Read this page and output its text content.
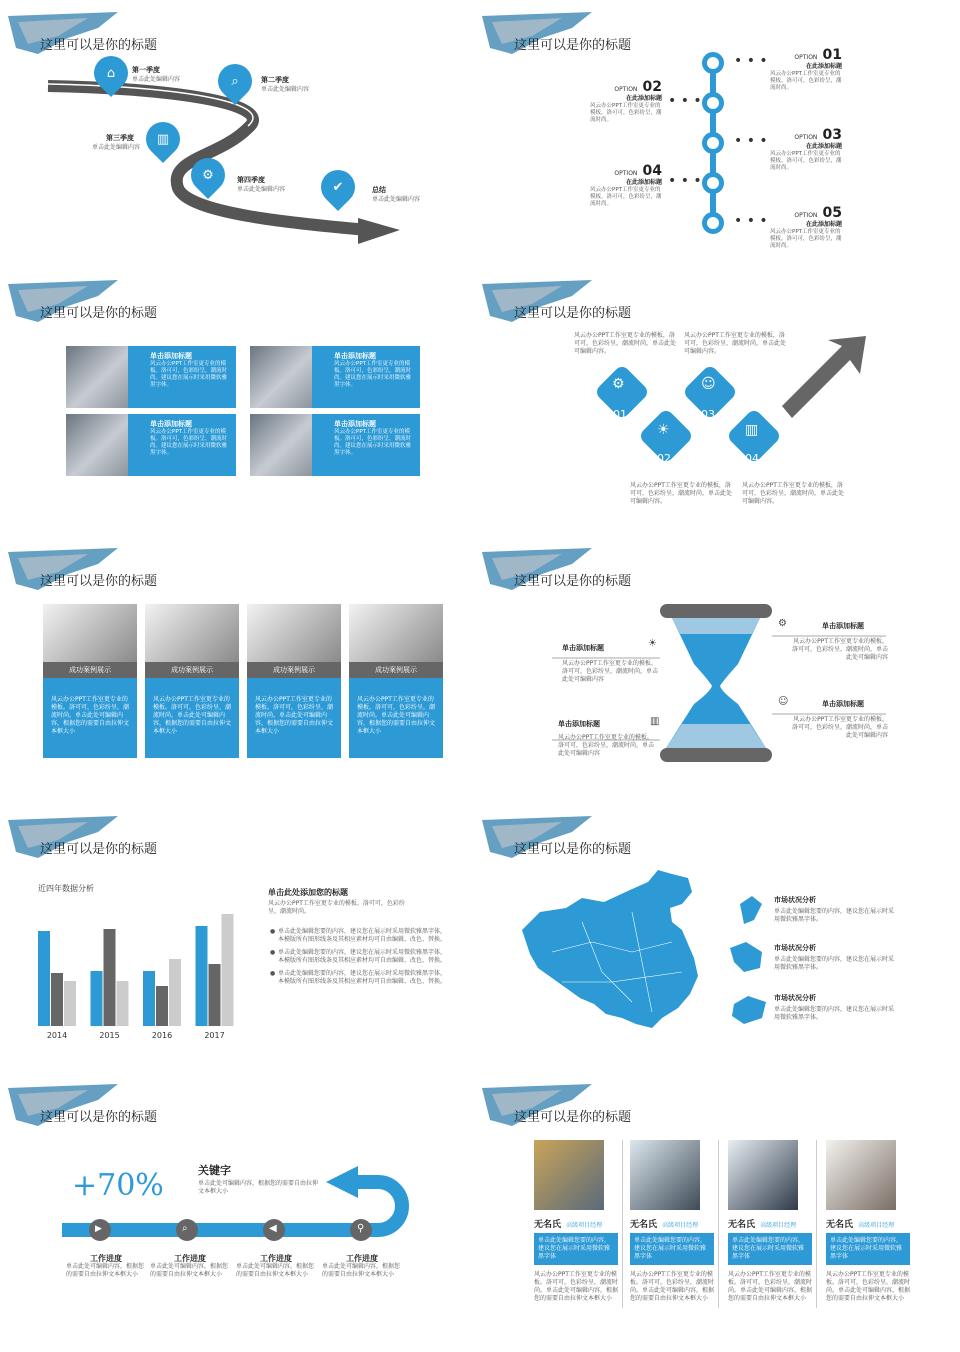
这里可以是你的标题
⌂	第一季度
单击此处编辑内容	⌕	第二季度
单击此处编辑内容
▥
第三季度
单击此处编辑内容
⚙	第四季度
单击此处编辑内容	✔	总结
单击此处编辑内容
这里可以是你的标题
• • •
• • •
• • •
• • •
• • •
OPTION 01
在此添加标题
风云办公PPT工作室更专业的模板。洛可可，色彩纷呈，潮流时尚。
OPTION 02
在此添加标题
风云办公PPT工作室更专业的模板。洛可可，色彩纷呈，潮流时尚。
OPTION 03
在此添加标题
风云办公PPT工作室更专业的模板。洛可可，色彩纷呈，潮流时尚。
OPTION 04
在此添加标题
风云办公PPT工作室更专业的模板。洛可可，色彩纷呈，潮流时尚。
OPTION 05
在此添加标题
风云办公PPT工作室更专业的模板。洛可可，色彩纷呈，潮流时尚。
这里可以是你的标题
单击添加标题
风云办公PPT工作室更专业的模板。洛可可，色彩纷呈，潮流时尚。建议您在展示时采用微软雅黑字体。
单击添加标题
风云办公PPT工作室更专业的模板。洛可可，色彩纷呈，潮流时尚。建议您在展示时采用微软雅黑字体。
单击添加标题
风云办公PPT工作室更专业的模板。洛可可，色彩纷呈，潮流时尚。建议您在展示时采用微软雅黑字体。
单击添加标题
风云办公PPT工作室更专业的模板。洛可可，色彩纷呈，潮流时尚。建议您在展示时采用微软雅黑字体。
这里可以是你的标题
风云办公PPT工作室更专业的模板，洛可可，色彩纷呈，潮流时尚，单击此处可编辑内容。
风云办公PPT工作室更专业的模板，洛可可，色彩纷呈，潮流时尚，单击此处可编辑内容。
01
02
03
04
⚙
☀
☺
▥
风云办公PPT工作室更专业的模板，洛可可，色彩纷呈，潮流时尚，单击此处可编辑内容。
风云办公PPT工作室更专业的模板，洛可可，色彩纷呈，潮流时尚，单击此处可编辑内容。
这里可以是你的标题
成功案例展示
风云办公PPT工作室更专业的模板。洛可可，色彩纷呈，潮流时尚。单击此处可编辑内容，根据您的需要自由拉伸文本框大小
成功案例展示
风云办公PPT工作室更专业的模板。洛可可，色彩纷呈，潮流时尚。单击此处可编辑内容，根据您的需要自由拉伸文本框大小
成功案例展示
风云办公PPT工作室更专业的模板。洛可可，色彩纷呈，潮流时尚。单击此处可编辑内容，根据您的需要自由拉伸文本框大小
成功案例展示
风云办公PPT工作室更专业的模板。洛可可，色彩纷呈，潮流时尚。单击此处可编辑内容，根据您的需要自由拉伸文本框大小
这里可以是你的标题
单击添加标题
风云办公PPT工作室更专业的模板。洛可可，色彩纷呈，潮流时尚，单击此处可编辑内容
☀
单击添加标题
风云办公PPT工作室更专业的模板。洛可可，色彩纷呈，潮流时尚，单击此处可编辑内容
▥
单击添加标题
风云办公PPT工作室更专业的模板。洛可可，色彩纷呈，潮流时尚，单击此处可编辑内容
⚙
单击添加标题
风云办公PPT工作室更专业的模板。洛可可，色彩纷呈，潮流时尚，单击此处可编辑内容
☺
这里可以是你的标题
近四年数据分析
2014	2015	2016	2017
单击此处添加您的标题
风云办公PPT工作室更专业的模板。洛可可，色彩纷呈，潮流时尚。
● 单击此处编辑您要的内容，建议您在展示时采用微软雅黑字体，本模版所有图形线条及其相应素材均可自由编辑、改色、替换。
● 单击此处编辑您要的内容，建议您在展示时采用微软雅黑字体，本模版所有图形线条及其相应素材均可自由编辑、改色、替换。
● 单击此处编辑您要的内容，建议您在展示时采用微软雅黑字体，本模版所有图形线条及其相应素材均可自由编辑、改色、替换。
这里可以是你的标题
市场状况分析
单击此处编辑您要的内容，建议您在展示时采用微软雅黑字体。
市场状况分析
单击此处编辑您要的内容，建议您在展示时采用微软雅黑字体。
市场状况分析
单击此处编辑您要的内容，建议您在展示时采用微软雅黑字体。
这里可以是你的标题
+70%	关键字
单击此处可编辑内容，根据您的需要自由拉伸文本框大小
▶	⌕	◀	⚲
工作进度
单击此处可编辑内容，根据您的需要自由拉伸文本框大小
工作进度
单击此处可编辑内容，根据您的需要自由拉伸文本框大小
工作进度
单击此处可编辑内容，根据您的需要自由拉伸文本框大小
工作进度
单击此处可编辑内容，根据您的需要自由拉伸文本框大小
这里可以是你的标题
无名氏 高级项目经理
单击此处编辑您要的内容，建议您在展示时采用微软雅黑字体
风云办公PPT工作室更专业的模板。洛可可，色彩纷呈，潮流时尚。单击此处可编辑内容，根据您的需要自由拉伸文本框大小
无名氏 高级项目经理
单击此处编辑您要的内容，建议您在展示时采用微软雅黑字体
风云办公PPT工作室更专业的模板。洛可可，色彩纷呈，潮流时尚。单击此处可编辑内容，根据您的需要自由拉伸文本框大小
无名氏 高级项目经理
单击此处编辑您要的内容，建议您在展示时采用微软雅黑字体
风云办公PPT工作室更专业的模板。洛可可，色彩纷呈，潮流时尚。单击此处可编辑内容，根据您的需要自由拉伸文本框大小
无名氏 高级项目经理
单击此处编辑您要的内容，建议您在展示时采用微软雅黑字体
风云办公PPT工作室更专业的模板。洛可可，色彩纷呈，潮流时尚。单击此处可编辑内容，根据您的需要自由拉伸文本框大小
